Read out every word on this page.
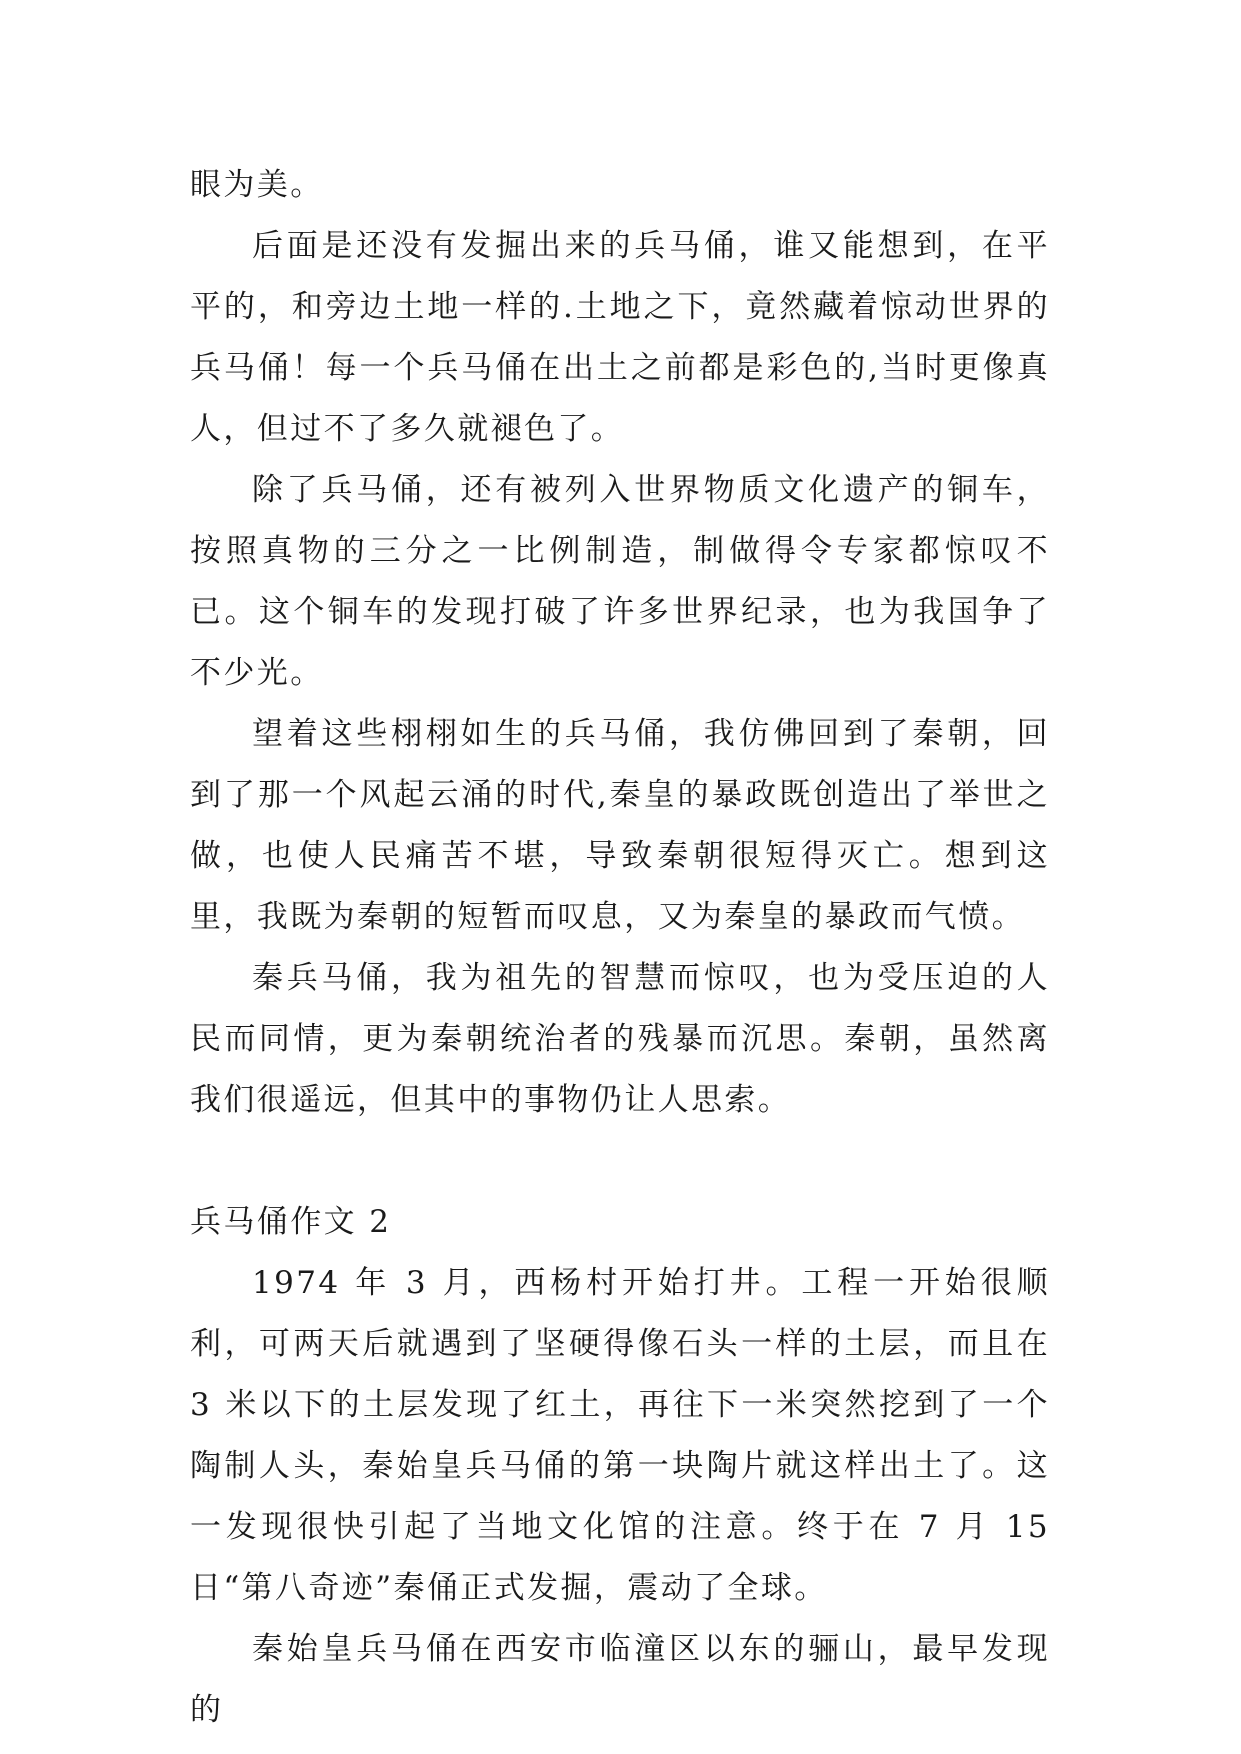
眼为美。

后面是还没有发掘出来的兵马俑，谁又能想到，在平平的，和旁边土地一样的.土地之下，竟然藏着惊动世界的兵马俑！每一个兵马俑在出土之前都是彩色的,当时更像真人，但过不了多久就褪色了。

除了兵马俑，还有被列入世界物质文化遗产的铜车，按照真物的三分之一比例制造，制做得令专家都惊叹不已。这个铜车的发现打破了许多世界纪录，也为我国争了不少光。

望着这些栩栩如生的兵马俑，我仿佛回到了秦朝，回到了那一个风起云涌的时代,秦皇的暴政既创造出了举世之做，也使人民痛苦不堪，导致秦朝很短得灭亡。想到这里，我既为秦朝的短暂而叹息，又为秦皇的暴政而气愤。

秦兵马俑，我为祖先的智慧而惊叹，也为受压迫的人民而同情，更为秦朝统治者的残暴而沉思。秦朝，虽然离我们很遥远，但其中的事物仍让人思索。

兵马俑作文 2

1974 年 3 月，西杨村开始打井。工程一开始很顺利，可两天后就遇到了坚硬得像石头一样的土层，而且在 3 米以下的土层发现了红土，再往下一米突然挖到了一个陶制人头，秦始皇兵马俑的第一块陶片就这样出土了。这一发现很快引起了当地文化馆的注意。终于在 7 月 15 日“第八奇迹”秦俑正式发掘，震动了全球。

秦始皇兵马俑在西安市临潼区以东的骊山，最早发现的
